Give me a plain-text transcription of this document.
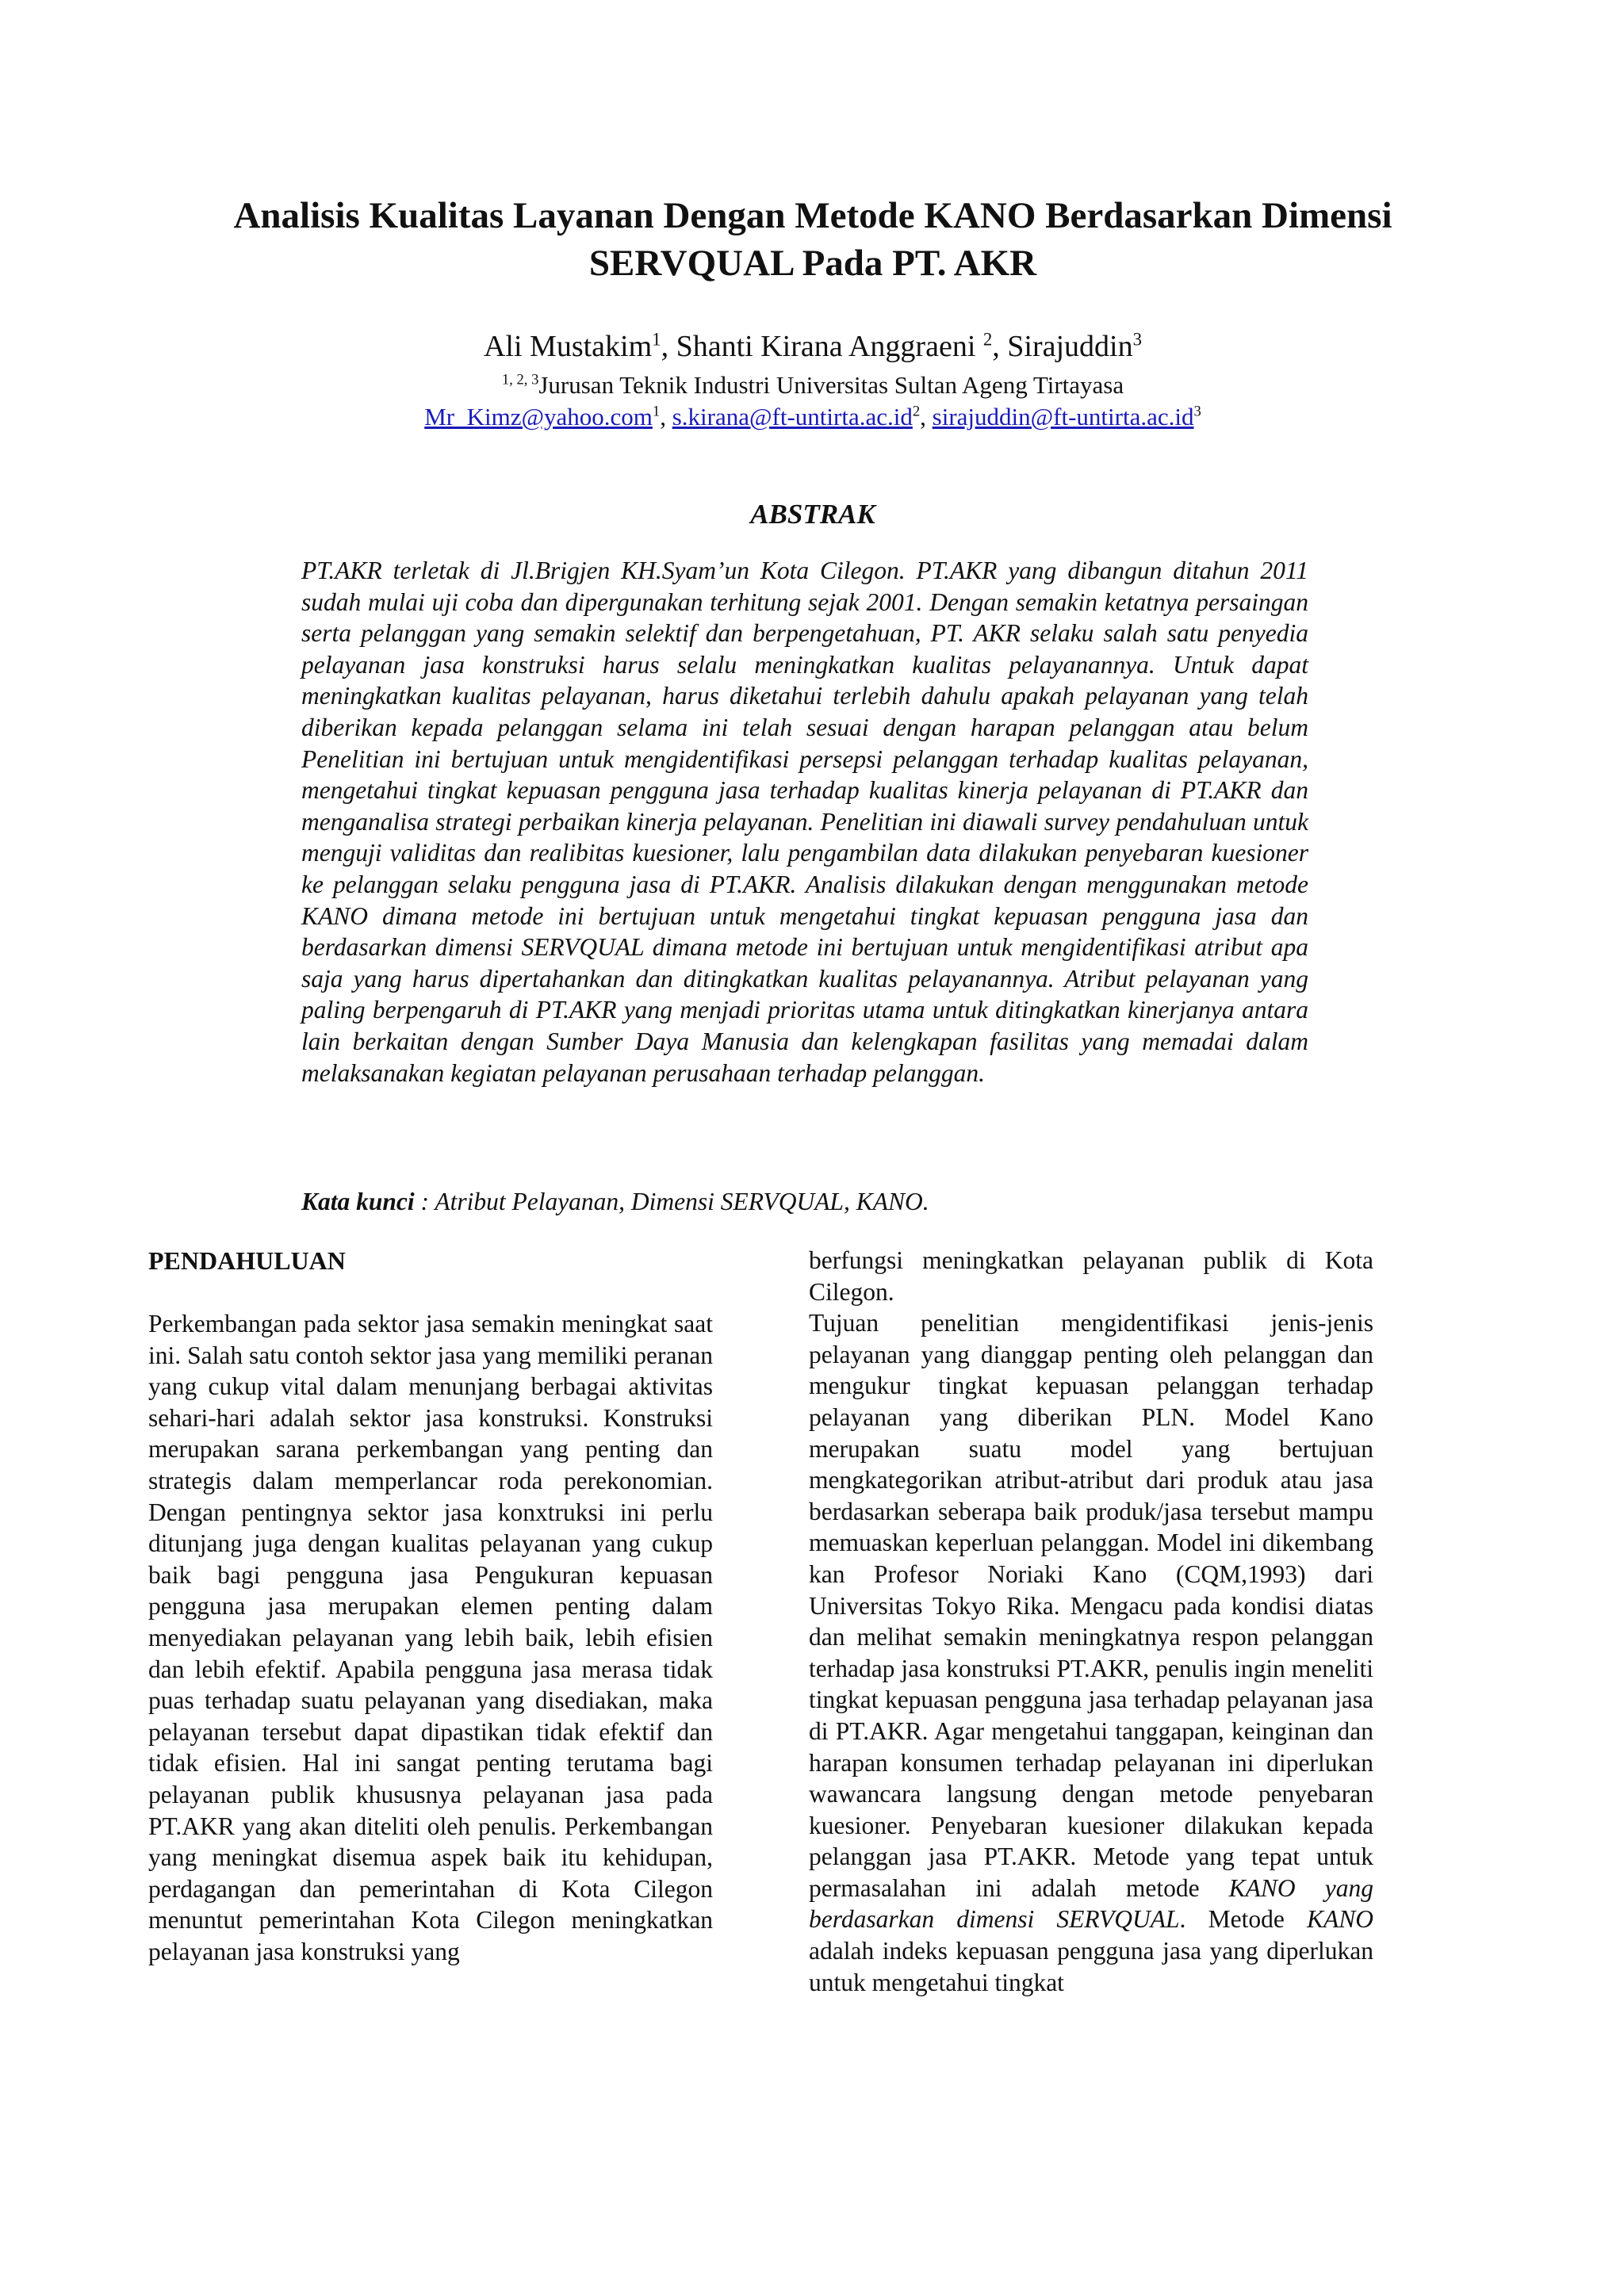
Analisis Kualitas Layanan Dengan Metode KANO Berdasarkan Dimensi SERVQUAL Pada PT. AKR
Ali Mustakim$^1$, Shanti Kirana Anggraeni $^2$, Sirajuddin$^3$
$^{1, 2, 3}$Jurusan Teknik Industri Universitas Sultan Ageng Tirtayasa
Mr_Kimz@yahoo.com$^1$, $s.kirana@ft-untirta.ac.id^2$, $sirajuddin@ft-untirta.ac.id^3$
ABSTRAK

PT.AKR terletak di Jl.Brigjen KH.Syam’un Kota Cilegon. PT.AKR yang dibangun ditahun 2011 sudah mulai uji coba dan dipergunakan terhitung sejak 2001. Dengan semakin ketatnya persaingan serta pelanggan yang semakin selektif dan berpengetahuan, PT. AKR selaku salah satu penyedia pelayanan jasa konstruksi harus selalu meningkatkan kualitas pelayanannya. Untuk dapat meningkatkan kualitas pelayanan, harus diketahui terlebih dahulu apakah pelayanan yang telah diberikan kepada pelanggan selama ini telah sesuai dengan harapan pelanggan atau belum Penelitian ini bertujuan untuk mengidentifikasi persepsi pelanggan terhadap kualitas pelayanan, mengetahui tingkat kepuasan pengguna jasa terhadap kualitas kinerja pelayanan di PT.AKR dan menganalisa strategi perbaikan kinerja pelayanan. Penelitian ini diawali survey pendahuluan untuk menguji validitas dan realibitas kuesioner, lalu pengambilan data dilakukan penyebaran kuesioner ke pelanggan selaku pengguna jasa di PT.AKR. Analisis dilakukan dengan menggunakan metode KANO dimana metode ini bertujuan untuk mengetahui tingkat kepuasan pengguna jasa dan berdasarkan dimensi SERVQUAL dimana metode ini bertujuan untuk mengidentifikasi atribut apa saja yang harus dipertahankan dan ditingkatkan kualitas pelayanannya. Atribut pelayanan yang paling berpengaruh di PT.AKR yang menjadi prioritas utama untuk ditingkatkan kinerjanya antara lain berkaitan dengan Sumber Daya Manusia dan kelengkapan fasilitas yang memadai dalam melaksanakan kegiatan pelayanan perusahaan terhadap pelanggan.

Kata kunci : Atribut Pelayanan, Dimensi SERVQUAL, KANO.

PENDAHULUAN

Perkembangan pada sektor jasa semakin meningkat saat ini. Salah satu contoh sektor jasa yang memiliki peranan yang cukup vital dalam menunjang berbagai aktivitas sehari-hari adalah sektor jasa konstruksi. Konstruksi merupakan sarana perkembangan yang penting dan strategis dalam memperlancar roda perekonomian. Dengan pentingnya sektor jasa konxtruksi ini perlu ditunjang juga dengan kualitas pelayanan yang cukup baik bagi pengguna jasa Pengukuran kepuasan pengguna jasa merupakan elemen penting dalam menyediakan pelayanan yang lebih baik, lebih efisien dan lebih efektif. Apabila pengguna jasa merasa tidak puas terhadap suatu pelayanan yang disediakan, maka pelayanan tersebut dapat dipastikan tidak efektif dan tidak efisien. Hal ini sangat penting terutama bagi pelayanan publik khususnya pelayanan jasa pada PT.AKR yang akan diteliti oleh penulis. Perkembangan yang meningkat disemua aspek baik itu kehidupan, perdagangan dan pemerintahan di Kota Cilegon menuntut pemerintahan Kota Cilegon meningkatkan pelayanan jasa konstruksi yang

berfungsi meningkatkan pelayanan publik di Kota Cilegon.

Tujuan penelitian mengidentifikasi jenis-jenis pelayanan yang dianggap penting oleh pelanggan dan mengukur tingkat kepuasan pelanggan terhadap pelayanan yang diberikan PLN. Model Kano merupakan suatu model yang bertujuan mengkategorikan atribut-atribut dari produk atau jasa berdasarkan seberapa baik produk/jasa tersebut mampu memuaskan keperluan pelanggan. Model ini dikembang kan Profesor Noriaki Kano (CQM,1993) dari Universitas Tokyo Rika. Mengacu pada kondisi diatas dan melihat semakin meningkatnya respon pelanggan terhadap jasa konstruksi PT.AKR, penulis ingin meneliti tingkat kepuasan pengguna jasa terhadap pelayanan jasa di PT.AKR. Agar mengetahui tanggapan, keinginan dan harapan konsumen terhadap pelayanan ini diperlukan wawancara langsung dengan metode penyebaran kuesioner. Penyebaran kuesioner dilakukan kepada pelanggan jasa PT.AKR. Metode yang tepat untuk permasalahan ini adalah metode KANO yang berdasarkan dimensi SERVQUAL. Metode KANO adalah indeks kepuasan pengguna jasa yang diperlukan untuk mengetahui tingkat
